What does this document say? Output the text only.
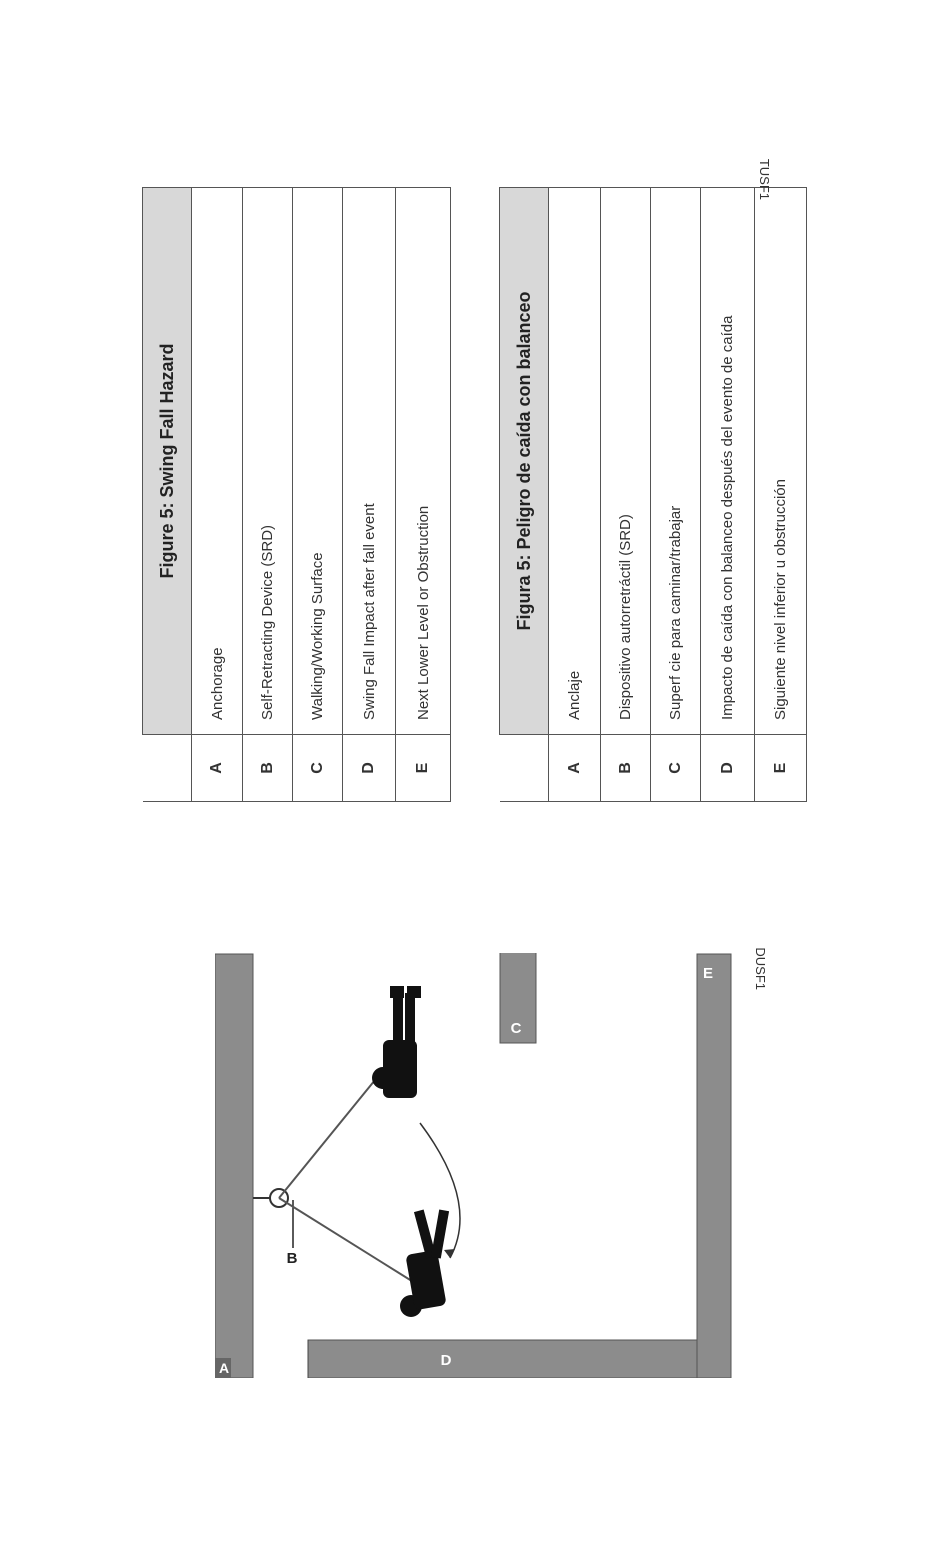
A	D
E
C
B
DUSF1
	Figure 5: Swing Fall Hazard
A	Anchorage
B	Self-Retracting Device (SRD)
C	Walking/Working Surface
D	Swing Fall Impact after fall event
E	Next Lower Level or Obstruction
		Figura 5: Peligro de caída con balanceo
A	Anclaje
B	Dispositivo autorretráctil (SRD)
C	Superf cie para caminar/trabajar
D	Impacto de caída con balanceo después del evento de caída
E	Siguiente nivel inferior u obstrucción
TUSF1
